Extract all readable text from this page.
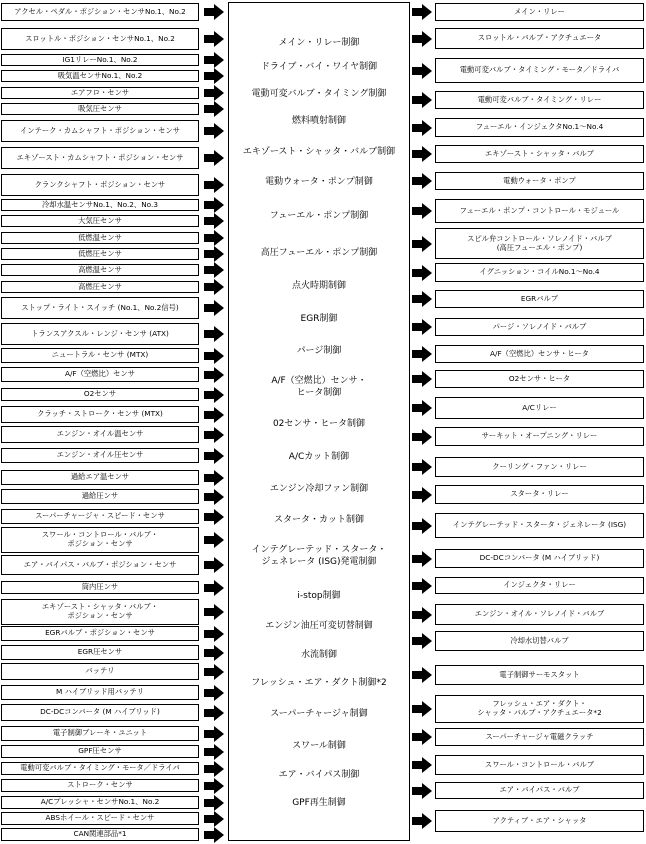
アクセル・ペダル・ポジション・センサNo.1、No.2
スロットル・ポジション・センサNo.1、No.2
IG1リレーNo.1、No.2
吸気温センサNo.1、No.2
エアフロ・センサ
吸気圧センサ
インテーク・カムシャフト・ポジション・センサ
エキゾースト・カムシャフト・ポジション・センサ
クランクシャフト・ポジション・センサ
冷却水温センサNo.1、No.2、No.3
大気圧センサ
低燃温センサ
低燃圧センサ
高燃温センサ
高燃圧センサ
ストップ・ライト・スイッチ (No.1、No.2信号)
トランスアクスル・レンジ・センサ (ATX)
ニュートラル・センサ (MTX)
A/F（空燃比）センサ
O2センサ
クラッチ・ストローク・センサ (MTX)
エンジン・オイル温センサ
エンジン・オイル圧センサ
過給エア温センサ
過給圧ンサ
スーパーチャージャ・スピード・センサ
スワール・コントロール・バルブ・
ポジション・センサ
エア・バイパス・バルブ・ポジション・センサ
筒内圧ンサ
エキゾースト・シャッタ・バルブ・
ポジション・センサ
EGRバルブ・ポジション・センサ
EGR圧センサ
バッテリ
M ハイブリッド用バッテリ
DC-DCコンバータ (M ハイブリッド)
電子制御ブレーキ・ユニット
GPF圧センサ
電動可変バルブ・タイミング・モータ／ドライバ
ストローク・センサ
A/Cプレッシャ・センサNo.1、No.2
ABSホイール・スピード・センサ
CAN関連部品*1
メイン・リレー制御
ドライブ・バイ・ワイヤ制御
電動可変バルブ・タイミング制御
燃料噴射制御
エキゾースト・シャッタ・バルブ制御
電動ウォータ・ポンプ制御
フューエル・ポンプ制御
高圧フューエル・ポンプ制御
点火時期制御
EGR制御
パージ制御
A/F（空燃比）センサ・
ヒータ制御
02センサ・ヒータ制御
A/Cカット制御
エンジン冷却ファン制御
スタータ・カット制御
インテグレーテッド・スタータ・
ジェネレータ (ISG)発電制御
i-stop制御
エンジン油圧可変切替制御
水流制御
フレッシュ・エア・ダクト制御*2
スーパーチャージャ制御
スワール制御
エア・バイパス制御
GPF再生制御
メイン・リレー
スロットル・バルブ・アクチュエータ
電動可変バルブ・タイミング・モータ／ドライバ
電動可変バルブ・タイミング・リレー
フューエル・インジェクタNo.1～No.4
エキゾースト・シャッタ・バルブ
電動ウォータ・ポンプ
フューエル・ポンプ・コントロール・モジュール
スピル弁コントロール・ソレノイド・バルブ
(高圧フューエル・ポンプ)
イグニッション・コイルNo.1～No.4
EGRバルブ
パージ・ソレノイド・バルブ
A/F（空燃比）センサ・ヒータ
O2センサ・ヒータ
A/Cリレー
サーキット・オープニング・リレー
クーリング・ファン・リレー
スタータ・リレー
インテグレーテッド・スタータ・ジェネレータ (ISG)
DC-DCコンバータ (M ハイブリッド)
インジェクタ・リレー
エンジン・オイル・ソレノイド・バルブ
冷却水切替バルブ
電子制御サーモスタット
フレッシュ・エア・ダクト・
シャッタ・バルブ・アクチュエータ*2
スーパーチャージャ電磁クラッチ
スワール・コントロール・バルブ
エア・バイパス・バルブ
アクティブ・エア・シャッタ
